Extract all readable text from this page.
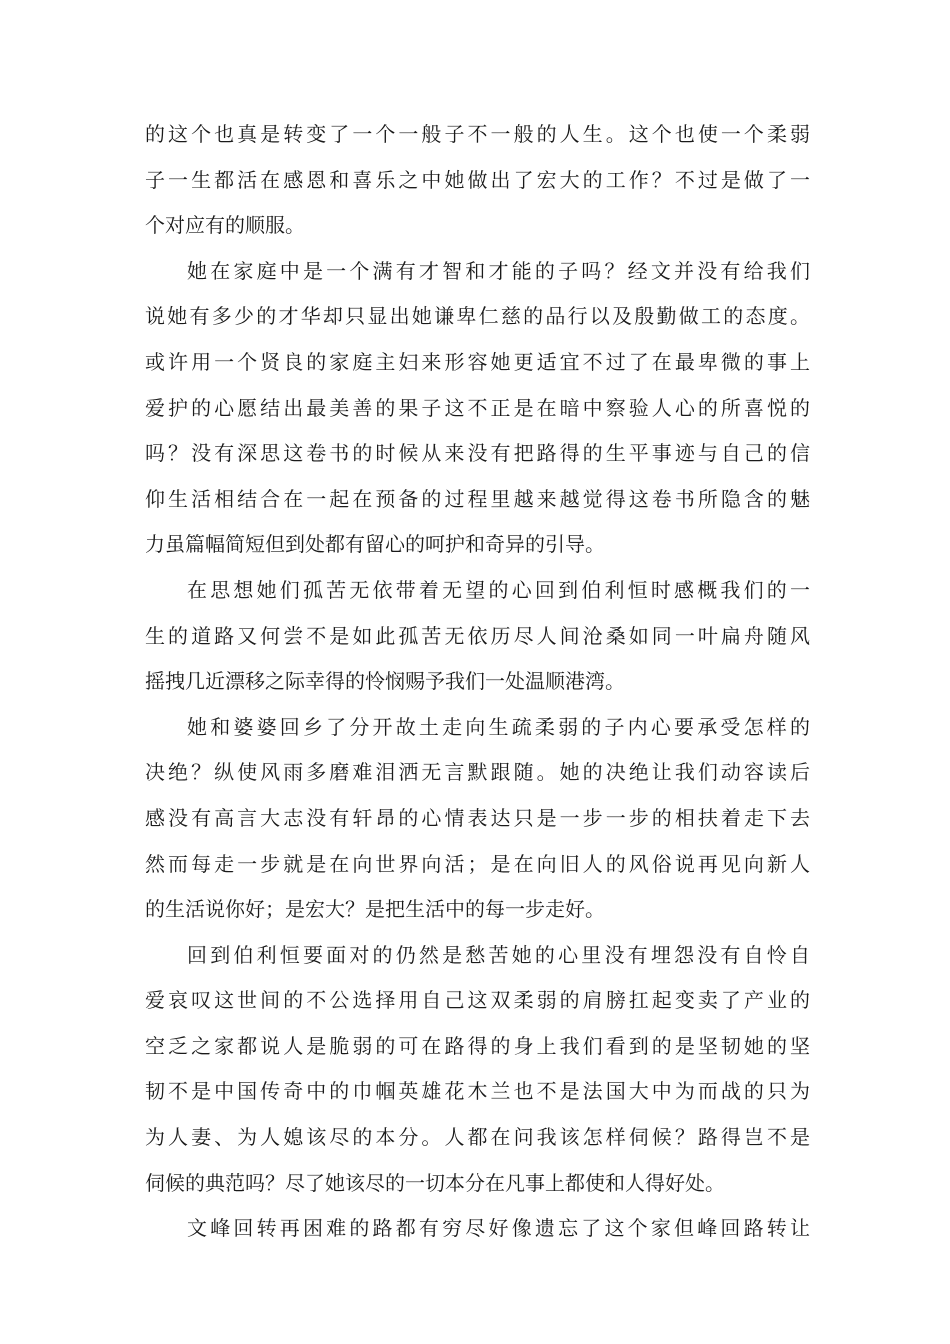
的这个也真是转变了一个一般子不一般的人生。这个也使一个柔弱
子一生都活在感恩和喜乐之中她做出了宏大的工作？不过是做了一
个对应有的顺服。
她在家庭中是一个满有才智和才能的子吗？经文并没有给我们
说她有多少的才华却只显出她谦卑仁慈的品行以及殷勤做工的态度。
或许用一个贤良的家庭主妇来形容她更适宜不过了在最卑微的事上
爱护的心愿结出最美善的果子这不正是在暗中察验人心的所喜悦的
吗？没有深思这卷书的时候从来没有把路得的生平事迹与自己的信
仰生活相结合在一起在预备的过程里越来越觉得这卷书所隐含的魅
力虽篇幅简短但到处都有留心的呵护和奇异的引导。
在思想她们孤苦无依带着无望的心回到伯利恒时感概我们的一
生的道路又何尝不是如此孤苦无依历尽人间沧桑如同一叶扁舟随风
摇拽几近漂移之际幸得的怜悯赐予我们一处温顺港湾。
她和婆婆回乡了分开故土走向生疏柔弱的子内心要承受怎样的
决绝？纵使风雨多磨难泪洒无言默跟随。她的决绝让我们动容读后
感没有高言大志没有轩昂的心情表达只是一步一步的相扶着走下去
然而每走一步就是在向世界向活；是在向旧人的风俗说再见向新人
的生活说你好；是宏大？是把生活中的每一步走好。
回到伯利恒要面对的仍然是愁苦她的心里没有埋怨没有自怜自
爱哀叹这世间的不公选择用自己这双柔弱的肩膀扛起变卖了产业的
空乏之家都说人是脆弱的可在路得的身上我们看到的是坚韧她的坚
韧不是中国传奇中的巾帼英雄花木兰也不是法国大中为而战的只为
为人妻、为人媳该尽的本分。人都在问我该怎样伺候？路得岂不是
伺候的典范吗？尽了她该尽的一切本分在凡事上都使和人得好处。
文峰回转再困难的路都有穷尽好像遗忘了这个家但峰回路转让
